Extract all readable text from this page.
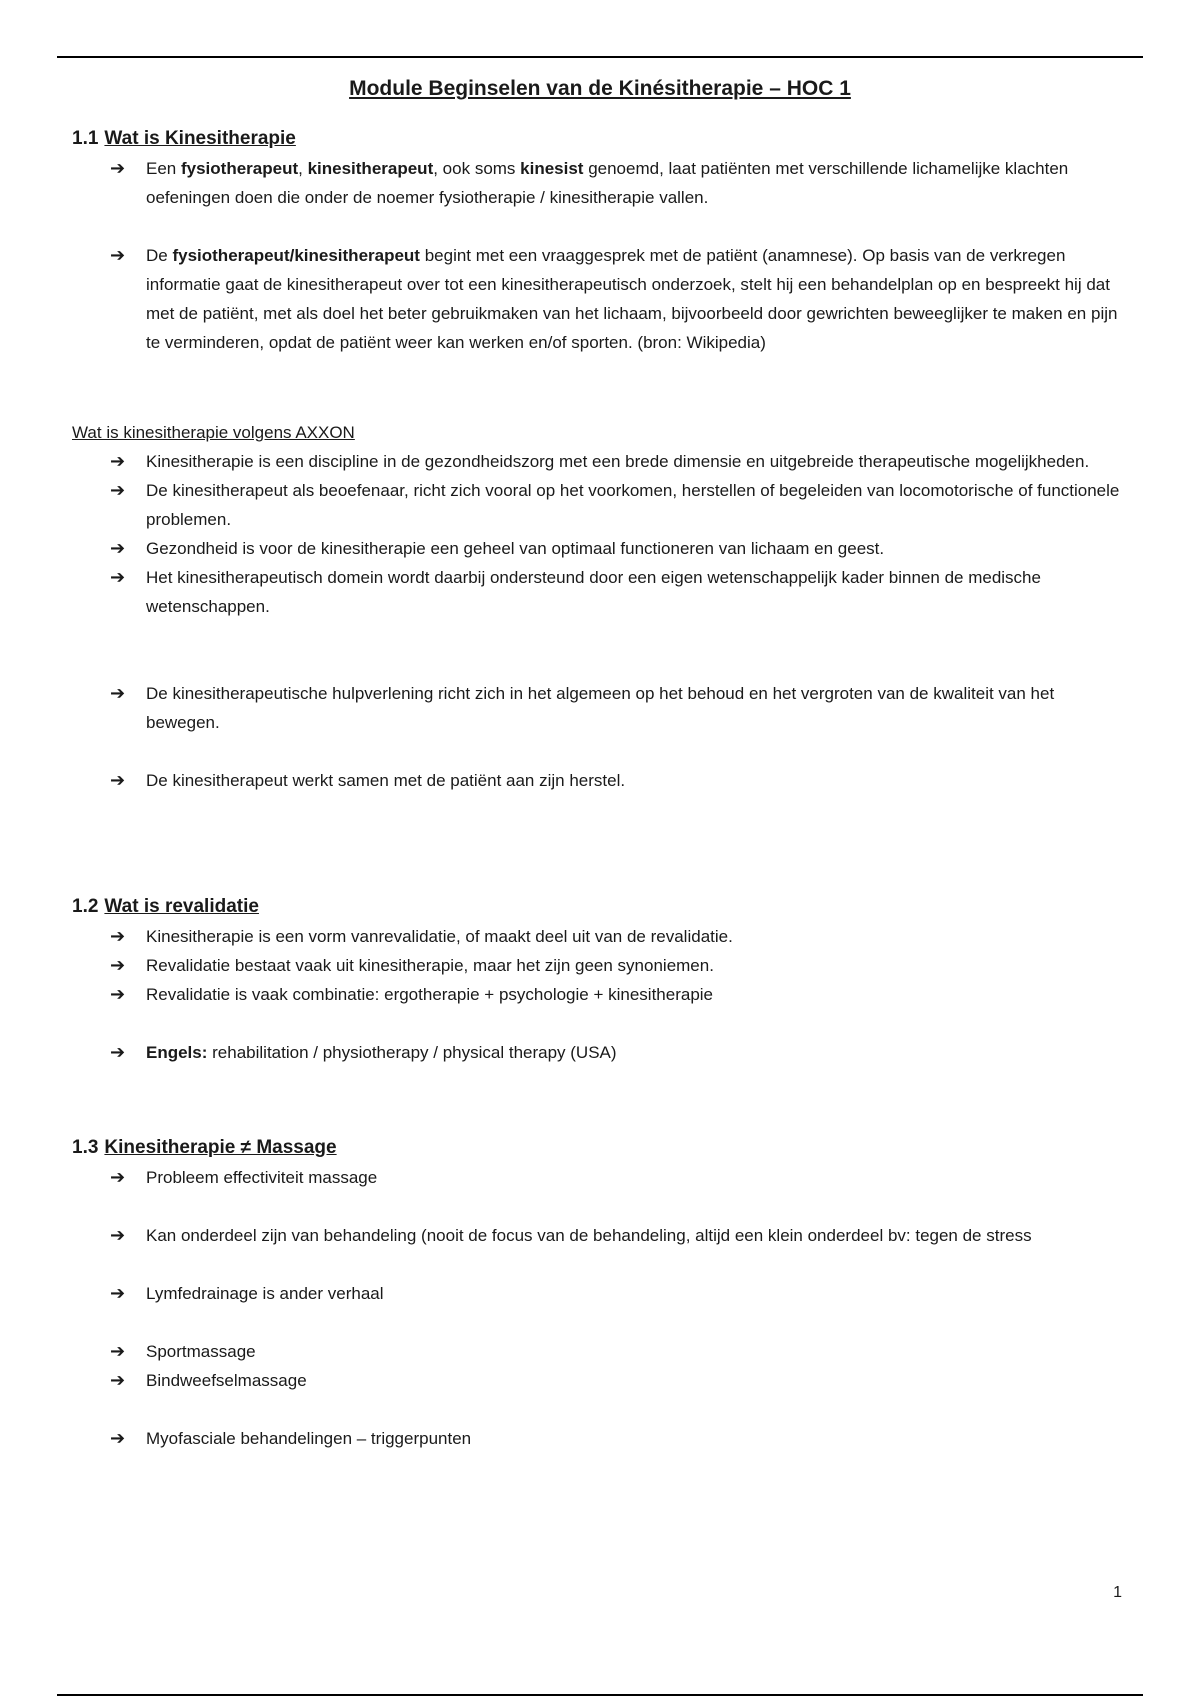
Module Beginselen van de Kinésitherapie – HOC 1
1.1 Wat is Kinesitherapie
➔ Een fysiotherapeut, kinesitherapeut, ook soms kinesist genoemd, laat patiënten met verschillende lichamelijke klachten oefeningen doen die onder de noemer fysiotherapie / kinesitherapie vallen.
➔ De fysiotherapeut/kinesitherapeut begint met een vraaggesprek met de patiënt (anamnese). Op basis van de verkregen informatie gaat de kinesitherapeut over tot een kinesitherapeutisch onderzoek, stelt hij een behandelplan op en bespreekt hij dat met de patiënt, met als doel het beter gebruikmaken van het lichaam, bijvoorbeeld door gewrichten beweeglijker te maken en pijn te verminderen, opdat de patiënt weer kan werken en/of sporten. (bron: Wikipedia)

Wat is kinesitherapie volgens AXXON

➔ Kinesitherapie is een discipline in de gezondheidszorg met een brede dimensie en uitgebreide therapeutische mogelijkheden.
➔ De kinesitherapeut als beoefenaar, richt zich vooral op het voorkomen, herstellen of begeleiden van locomotorische of functionele problemen.
➔ Gezondheid is voor de kinesitherapie een geheel van optimaal functioneren van lichaam en geest.
➔ Het kinesitherapeutisch domein wordt daarbij ondersteund door een eigen wetenschappelijk kader binnen de medische wetenschappen.
➔ De kinesitherapeutische hulpverlening richt zich in het algemeen op het behoud en het vergroten van de kwaliteit van het bewegen.
➔ De kinesitherapeut werkt samen met de patiënt aan zijn herstel.
1.2 Wat is revalidatie
➔ Kinesitherapie is een vorm vanrevalidatie, of maakt deel uit van de revalidatie.
➔ Revalidatie bestaat vaak uit kinesitherapie, maar het zijn geen synoniemen.
➔ Revalidatie is vaak combinatie: ergotherapie + psychologie + kinesitherapie
➔ Engels: rehabilitation / physiotherapy / physical therapy (USA)
1.3 Kinesitherapie ≠ Massage
➔ Probleem effectiviteit massage
➔ Kan onderdeel zijn van behandeling (nooit de focus van de behandeling, altijd een klein onderdeel bv: tegen de stress
➔ Lymfedrainage is ander verhaal
➔ Sportmassage
➔ Bindweefselmassage
➔ Myofasciale behandelingen – triggerpunten
1
